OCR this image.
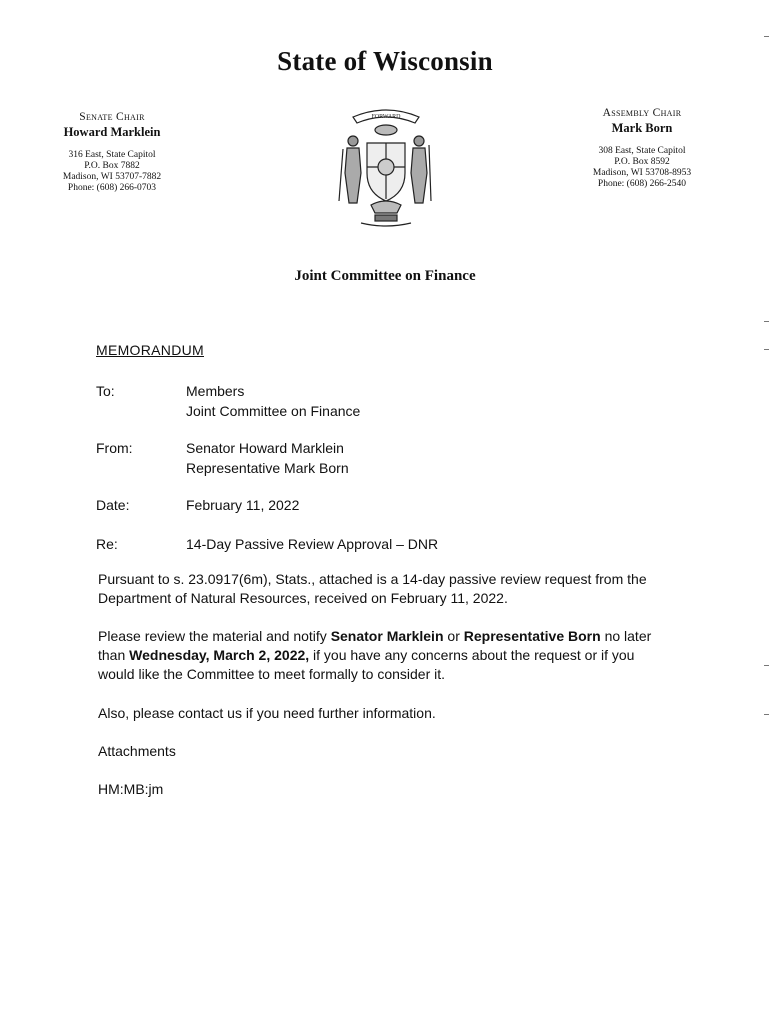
State of Wisconsin
Senate Chair
Howard Marklein
316 East, State Capitol
P.O. Box 7882
Madison, WI 53707-7882
Phone: (608) 266-0703
FORWARD	Assembly Chair
Mark Born
308 East, State Capitol
P.O. Box 8592
Madison, WI 53708-8953
Phone: (608) 266-2540
Joint Committee on Finance
MEMORANDUM
To:	Members
Joint Committee on Finance
From:	Senator Howard Marklein
Representative Mark Born
Date:	February 11, 2022
Re:	14-Day Passive Review Approval – DNR
Pursuant to s. 23.0917(6m), Stats., attached is a 14-day passive review request from the Department of Natural Resources, received on February 11, 2022.
Please review the material and notify Senator Marklein or Representative Born no later than Wednesday, March 2, 2022, if you have any concerns about the request or if you would like the Committee to meet formally to consider it.
Also, please contact us if you need further information.
Attachments
HM:MB:jm
